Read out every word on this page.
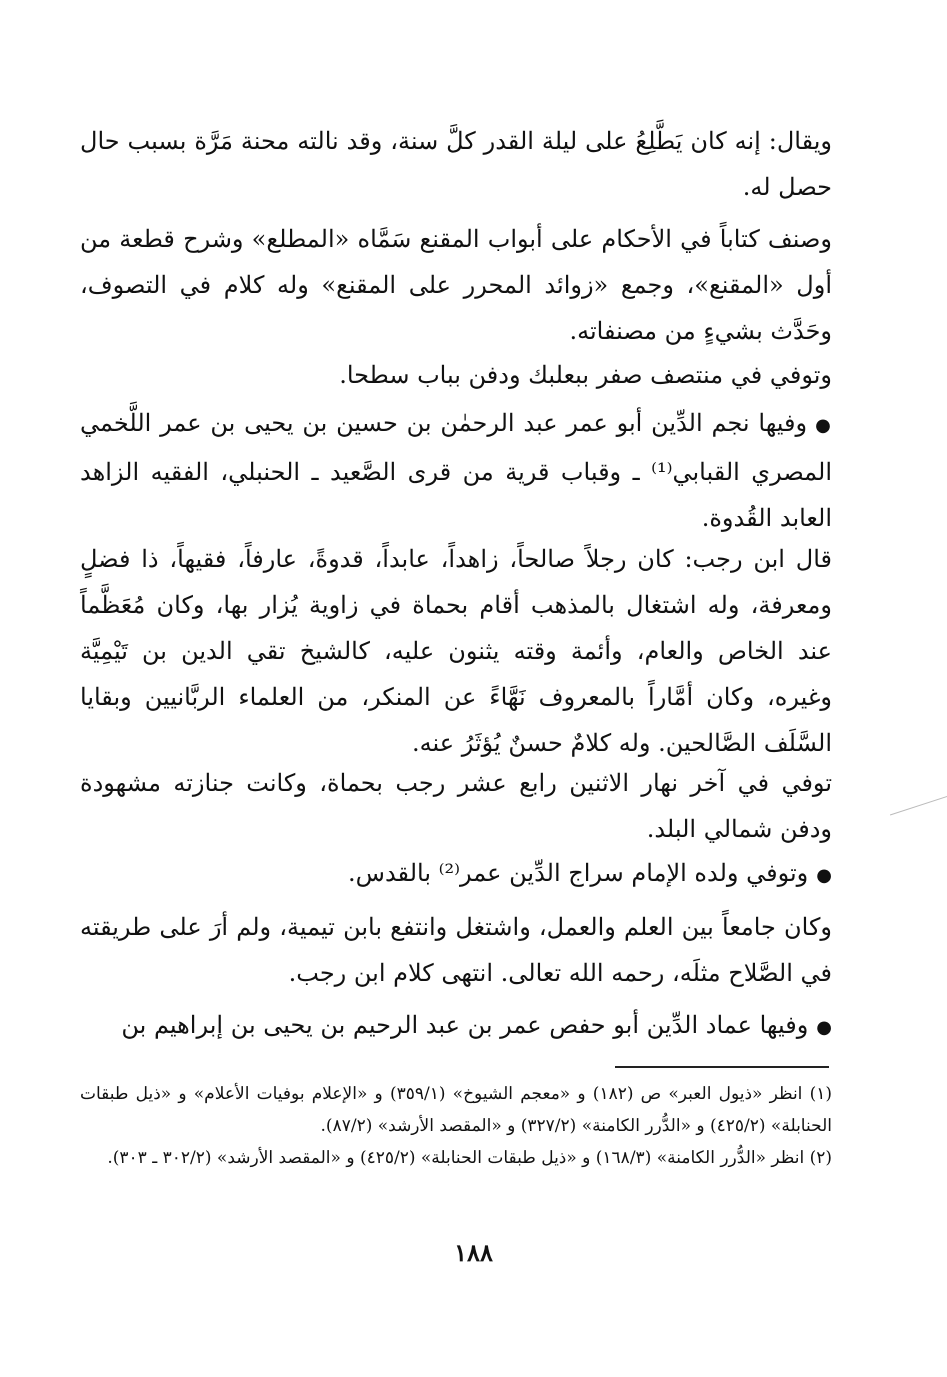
ويقال: إنه كان يَطَّلِعُ على ليلة القدر كلَّ سنة، وقد نالته محنة مَرَّة بسبب حال حصل له.
وصنف كتاباً في الأحكام على أبواب المقنع سَمَّاه «المطلع» وشرح قطعة من أول «المقنع»، وجمع «زوائد المحرر على المقنع» وله كلام في التصوف، وحَدَّث بشيءٍ من مصنفاته.
وتوفي في منتصف صفر ببعلبك ودفن بباب سطحا.
●وفيها نجم الدِّين أبو عمر عبد الرحمٰن بن حسين بن يحيى بن عمر اللَّخمي المصري القبابي⁽¹⁾ ـ وقباب قرية من قرى الصَّعيد ـ الحنبلي، الفقيه الزاهد العابد القُدوة.
قال ابن رجب: كان رجلاً صالحاً، زاهداً، عابداً، قدوةً، عارفاً، فقيهاً، ذا فضلٍ ومعرفة، وله اشتغال بالمذهب أقام بحماة في زاوية يُزار بها، وكان مُعَظَّماً عند الخاص والعام، وأئمة وقته يثنون عليه، كالشيخ تقي الدين بن تَيْمِيَّة وغيره، وكان أمَّاراً بالمعروف نَهَّاءً عن المنكر، من العلماء الربَّانيين وبقايا السَّلَف الصَّالحين. وله كلامٌ حسنٌ يُؤثَرُ عنه.
توفي في آخر نهار الاثنين رابع عشر رجب بحماة، وكانت جنازته مشهودة ودفن شمالي البلد.
●وتوفي ولده الإمام سراج الدِّين عمر⁽²⁾ بالقدس.
وكان جامعاً بين العلم والعمل، واشتغل وانتفع بابن تيمية، ولم أرَ على طريقته في الصَّلاح مثلَه، رحمه الله تعالى. انتهى كلام ابن رجب.
●وفيها عماد الدِّين أبو حفص عمر بن عبد الرحيم بن يحيى بن إبراهيم بن
(١) انظر «ذيول العبر» ص (١٨٢) و «معجم الشيوخ» (٣٥٩/١) و «الإعلام بوفيات الأعلام» و «ذيل طبقات الحنابلة» (٤٢٥/٢) و «الدُّرر الكامنة» (٣٢٧/٢) و «المقصد الأرشد» (٨٧/٢).
(٢) انظر «الدُّرر الكامنة» (١٦٨/٣) و «ذيل طبقات الحنابلة» (٤٢٥/٢) و «المقصد الأرشد» (٣٠٢/٢ ـ ٣٠٣).
١٨٨
